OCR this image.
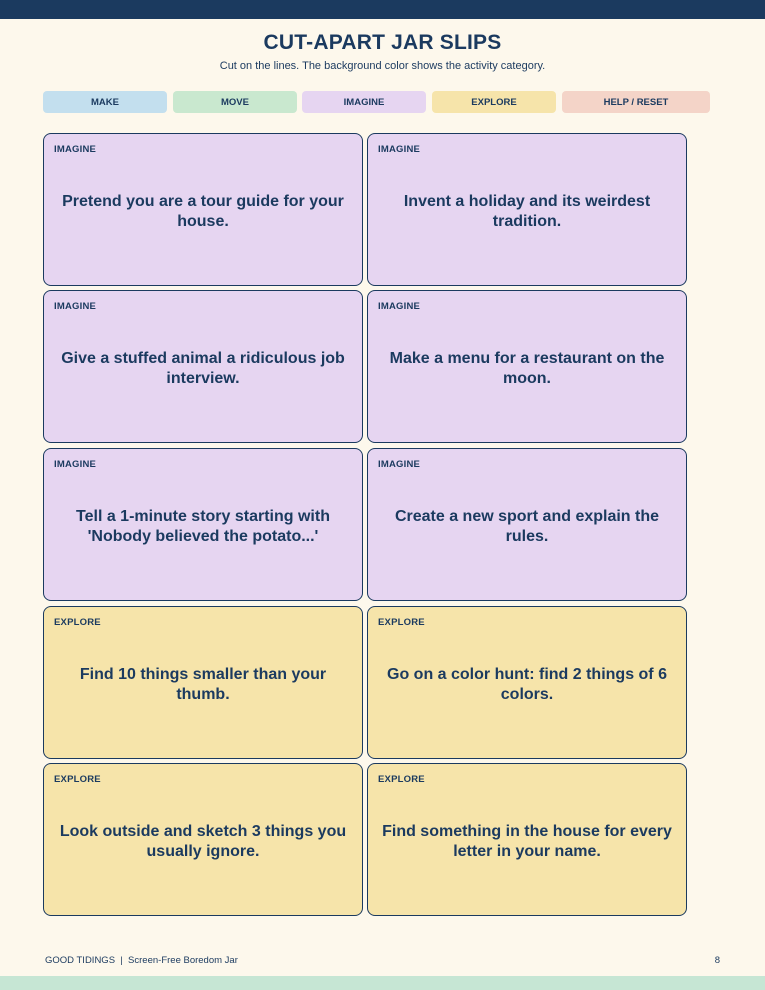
CUT-APART JAR SLIPS
Cut on the lines. The background color shows the activity category.
MAKE	MOVE	IMAGINE	EXPLORE	HELP / RESET
IMAGINE
Pretend you are a tour guide for your house.
IMAGINE
Invent a holiday and its weirdest tradition.
IMAGINE
Give a stuffed animal a ridiculous job interview.
IMAGINE
Make a menu for a restaurant on the moon.
IMAGINE
Tell a 1-minute story starting with 'Nobody believed the potato...'
IMAGINE
Create a new sport and explain the rules.
EXPLORE
Find 10 things smaller than your thumb.
EXPLORE
Go on a color hunt: find 2 things of 6 colors.
EXPLORE
Look outside and sketch 3 things you usually ignore.
EXPLORE
Find something in the house for every letter in your name.
GOOD TIDINGS  |  Screen-Free Boredom Jar	8
